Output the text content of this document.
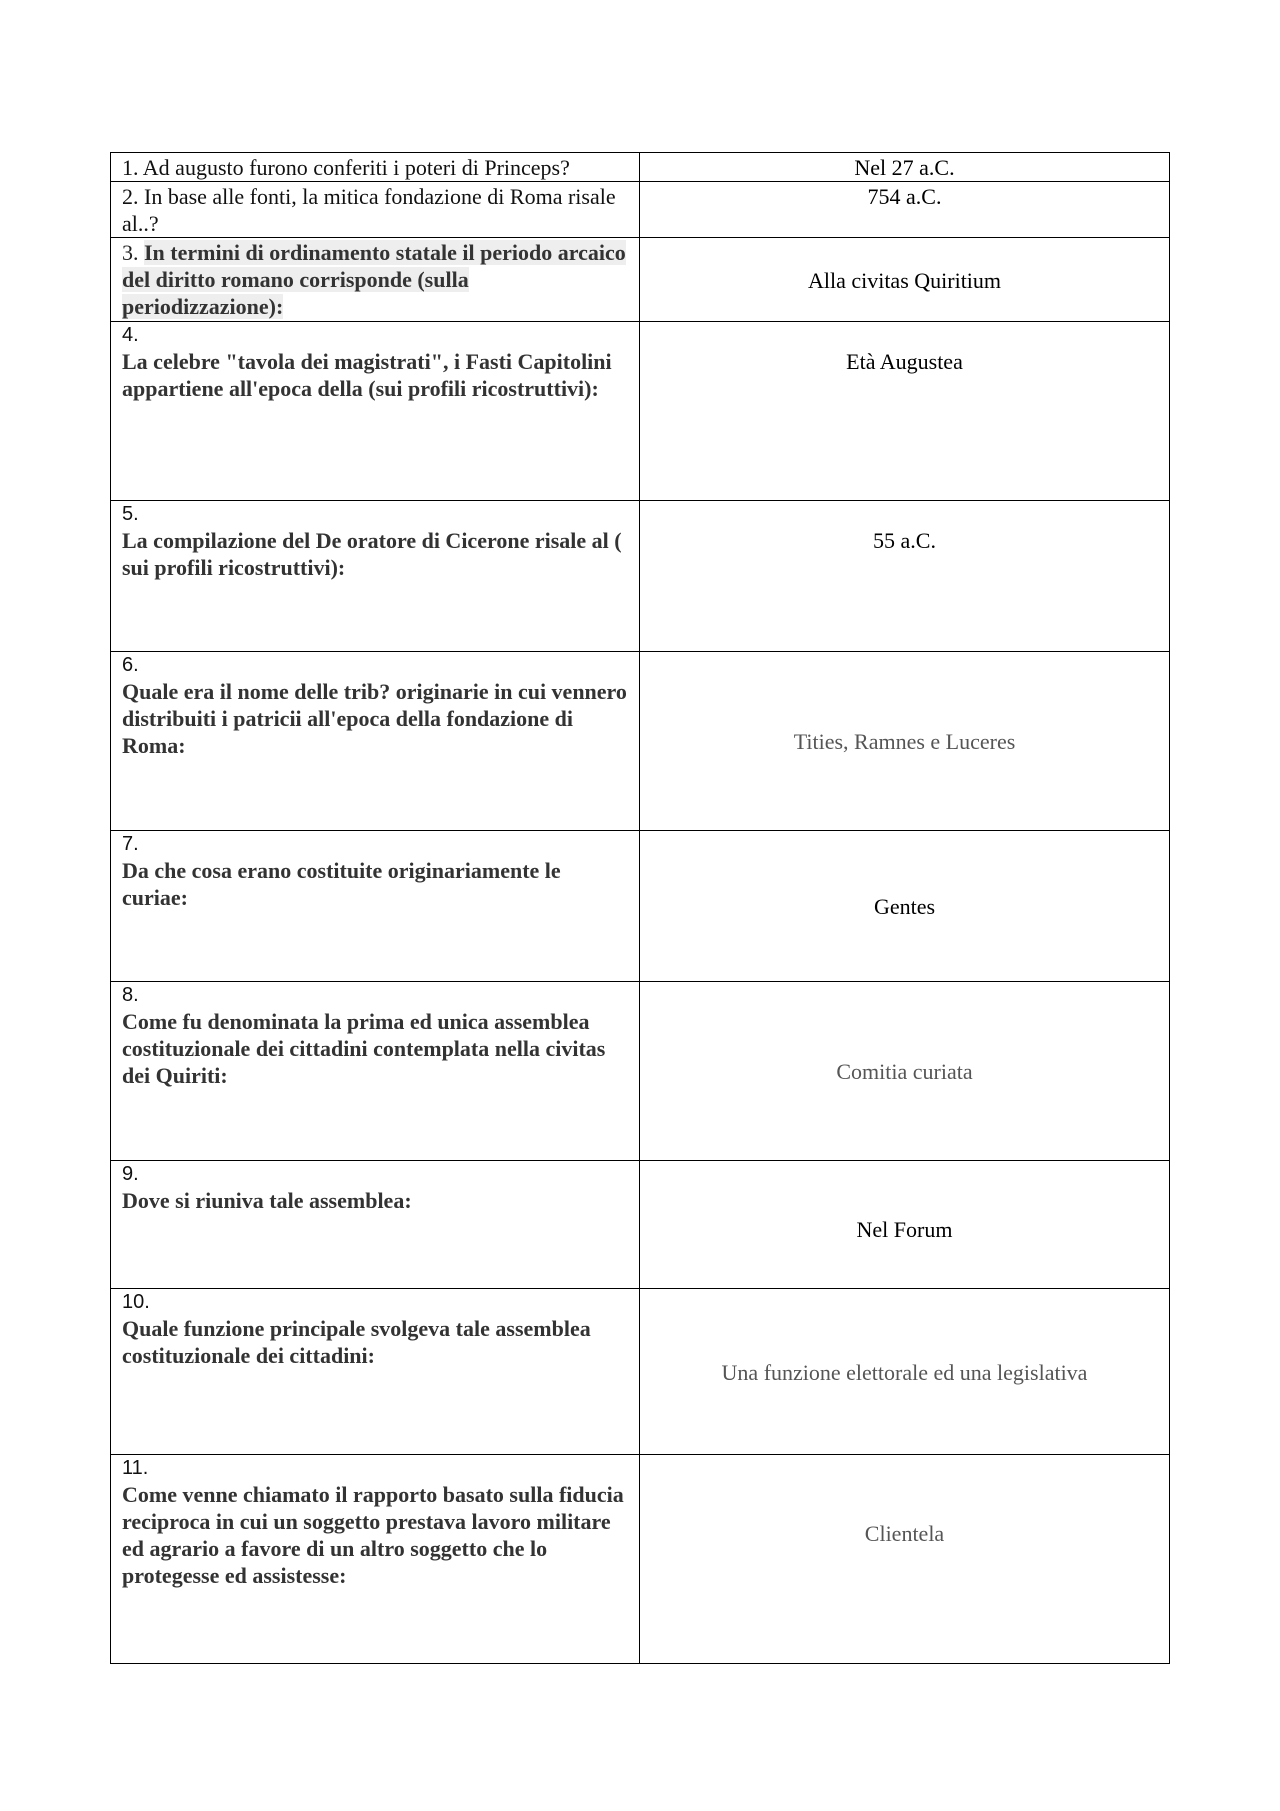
1. Ad augusto furono conferiti i poteri di Princeps?	Nel 27 a.C.
2. In base alle fonti, la mitica fondazione di Roma risale al..?	754 a.C.
3. In termini di ordinamento statale il periodo arcaico del diritto romano corrisponde (sulla periodizzazione):	Alla civitas Quiritium

4.
La celebre "tavola dei magistrati", i Fasti Capitolini appartiene all'epoca della (sui profili ricostruttivi):	Età Augustea

5.
La compilazione del De oratore di Cicerone risale al ( sui profili ricostruttivi):	55 a.C.

6.
Quale era il nome delle trib? originarie in cui vennero distribuiti i patricii all'epoca della fondazione di Roma:	Tities, Ramnes e Luceres

7.
Da che cosa erano costituite originariamente le curiae:	Gentes

8.
Come fu denominata la prima ed unica assemblea costituzionale dei cittadini contemplata nella civitas dei Quiriti:	Comitia curiata

9.
Dove si riuniva tale assemblea:	Nel Forum

10.
Quale funzione principale svolgeva tale assemblea costituzionale dei cittadini:	Una funzione elettorale ed una legislativa

11.
Come venne chiamato il rapporto basato sulla fiducia reciproca in cui un soggetto prestava lavoro militare ed agrario a favore di un altro soggetto che lo protegesse ed assistesse:	Clientela
